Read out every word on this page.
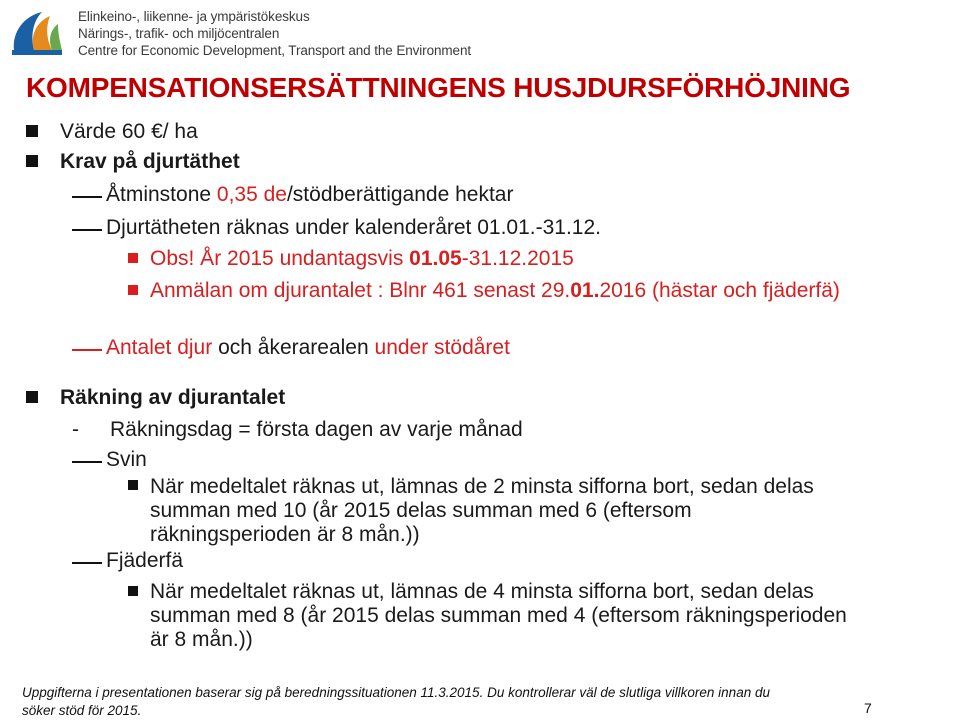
Elinkeino-, liikenne- ja ympäristökeskus
Närings-, trafik- och miljöcentralen
Centre for Economic Development, Transport and the Environment
KOMPENSATIONSERSÄTTNINGENS HUSJDURSFÖRHÖJNING
Värde 60 €/ ha
Krav på djurtäthet
Åtminstone 0,35 de/stödberättigande hektar
Djurtätheten räknas under kalenderåret 01.01.-31.12.
Obs! År 2015 undantagsvis 01.05-31.12.2015
Anmälan om djurantalet : Blnr 461 senast 29.01.2016 (hästar och fjäderfä)
Antalet djur och åkerarealen under stödåret
Räkning av djurantalet
- Räkningsdag = första dagen av varje månad
Svin
När medeltalet räknas ut, lämnas de 2 minsta sifforna bort, sedan delas
summan med 10 (år 2015 delas summan med 6 (eftersom
räkningsperioden är 8 mån.))
Fjäderfä
När medeltalet räknas ut, lämnas de 4 minsta sifforna bort, sedan delas
summan med 8 (år 2015 delas summan med 4 (eftersom räkningsperioden
är 8 mån.))
Uppgifterna i presentationen baserar sig på beredningssituationen 11.3.2015. Du kontrollerar väl de slutliga villkoren innan du
söker stöd för 2015.	7
